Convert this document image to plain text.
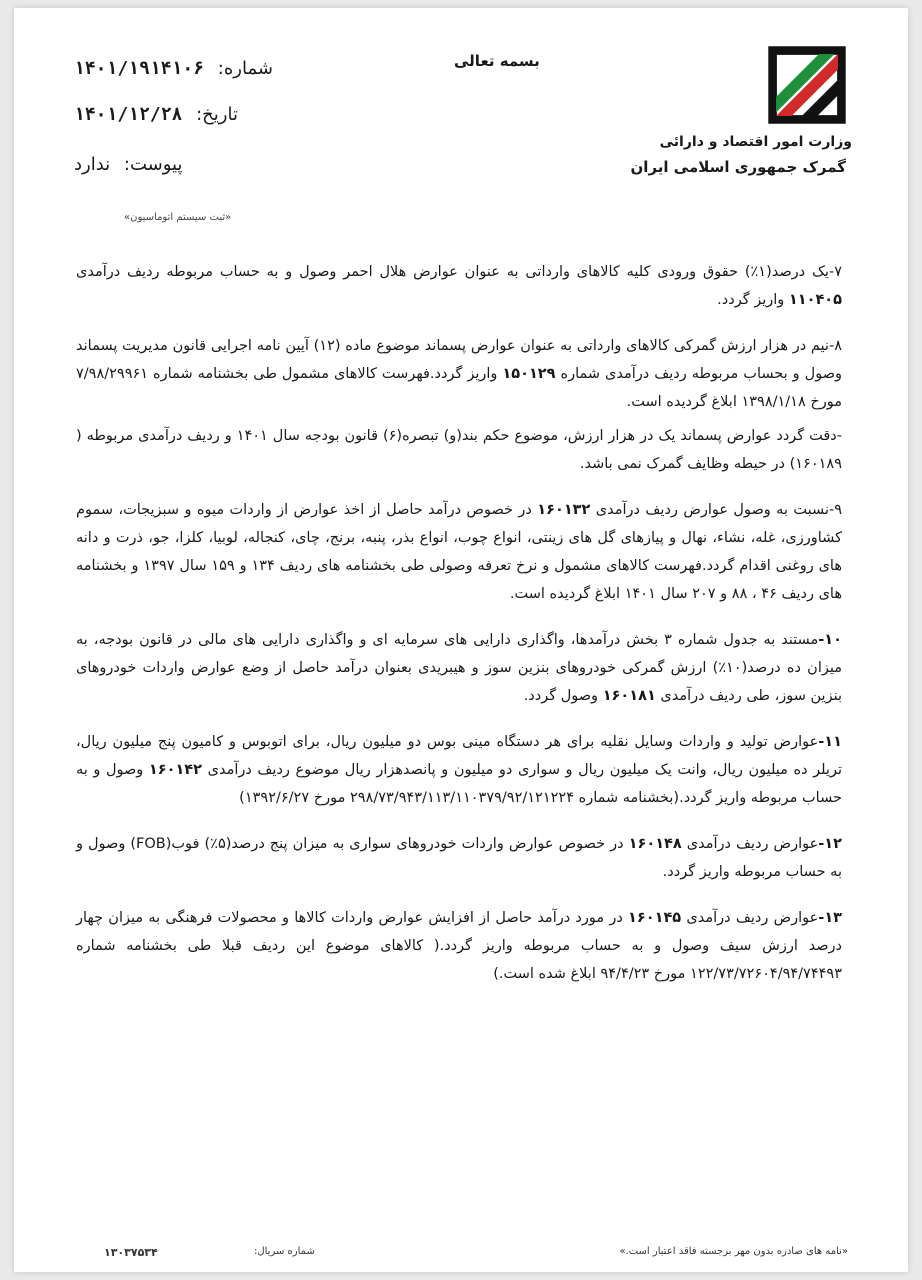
وزارت امور اقتصاد و دارائی
گمرک جمهوری اسلامی ایران
بسمه تعالی
شماره: ۱۴۰۱/۱۹۱۴۱۰۶
تاریخ: ۱۴۰۱/۱۲/۲۸
پیوست: ندارد
«ثبت سیستم اتوماسیون»

۷-یک درصد(۱٪) حقوق ورودی کلیه کالاهای وارداتی به عنوان عوارض هلال احمر وصول و به حساب مربوطه ردیف درآمدی ۱۱۰۴۰۵ واریز گردد.

۸-نیم در هزار ارزش گمرکی کالاهای وارداتی به عنوان عوارض پسماند موضوع ماده (۱۲) آیین نامه اجرایی قانون مدیریت پسماند وصول و بحساب مربوطه ردیف درآمدی شماره ۱۵۰۱۲۹ واریز گردد.فهرست کالاهای مشمول طی بخشنامه شماره ۷/۹۸/۲۹۹۶۱ مورخ ۱۳۹۸/۱/۱۸ ابلاغ گردیده است.

-دقت گردد عوارض پسماند یک در هزار ارزش، موضوع حکم بند(و) تبصره(۶) قانون بودجه سال ۱۴۰۱ و ردیف درآمدی مربوطه ( ۱۶۰۱۸۹) در حیطه وظایف گمرک نمی باشد.

۹-نسبت به وصول عوارض ردیف درآمدی ۱۶۰۱۳۲ در خصوص درآمد حاصل از اخذ عوارض از واردات میوه و سبزیجات، سموم کشاورزی، غله، نشاء، نهال و پیازهای گل های زینتی، انواع چوب، انواع بذر، پنبه، برنج، چای، کنجاله، لوبیا، کلزا، جو، ذرت و دانه های روغنی اقدام گردد.فهرست کالاهای مشمول و نرخ تعرفه وصولی طی بخشنامه های ردیف ۱۳۴ و ۱۵۹ سال ۱۳۹۷ و بخشنامه های ردیف ۴۶ ، ۸۸ و ۲۰۷ سال ۱۴۰۱ ابلاغ گردیده است.

۱۰-مستند به جدول شماره ۳ بخش درآمدها، واگذاری دارایی های سرمایه ای و واگذاری دارایی های مالی در قانون بودجه، به میزان ده درصد(۱۰٪) ارزش گمرکی خودروهای بنزین سوز و هیبریدی بعنوان درآمد حاصل از وضع عوارض واردات خودروهای بنزین سوز، طی ردیف درآمدی ۱۶۰۱۸۱ وصول گردد.

۱۱-عوارض تولید و واردات وسایل نقلیه برای هر دستگاه مینی بوس دو میلیون ریال، برای اتوبوس و کامیون پنج میلیون ریال، تریلر ده میلیون ریال، وانت یک میلیون ریال و سواری دو میلیون و پانصدهزار ریال موضوع ردیف درآمدی ۱۶۰۱۴۲ وصول و به حساب مربوطه واریز گردد.(بخشنامه شماره ۲۹۸/۷۳/۹۴۳/۱۱۳/۱۱۰۳۷۹/۹۲/۱۲۱۲۲۴ مورخ ۱۳۹۲/۶/۲۷)

۱۲-عوارض ردیف درآمدی ۱۶۰۱۴۸ در خصوص عوارض واردات خودروهای سواری به میزان پنج درصد(۵٪) فوب(FOB) وصول و به حساب مربوطه واریز گردد.

۱۳-عوارض ردیف درآمدی ۱۶۰۱۴۵ در مورد درآمد حاصل از افزایش عوارض واردات کالاها و محصولات فرهنگی به میزان چهار درصد ارزش سیف وصول و به حساب مربوطه واریز گردد.( کالاهای موضوع این ردیف قبلا طی بخشنامه شماره ۱۲۲/۷۳/۷۲۶۰۴/۹۴/۷۴۴۹۳ مورخ ۹۴/۴/۲۳ ابلاغ شده است.)

«نامه های صادره بدون مهر برجسته فاقد اعتبار است.»
شماره سریال:
۱۳۰۳۷۵۳۴
